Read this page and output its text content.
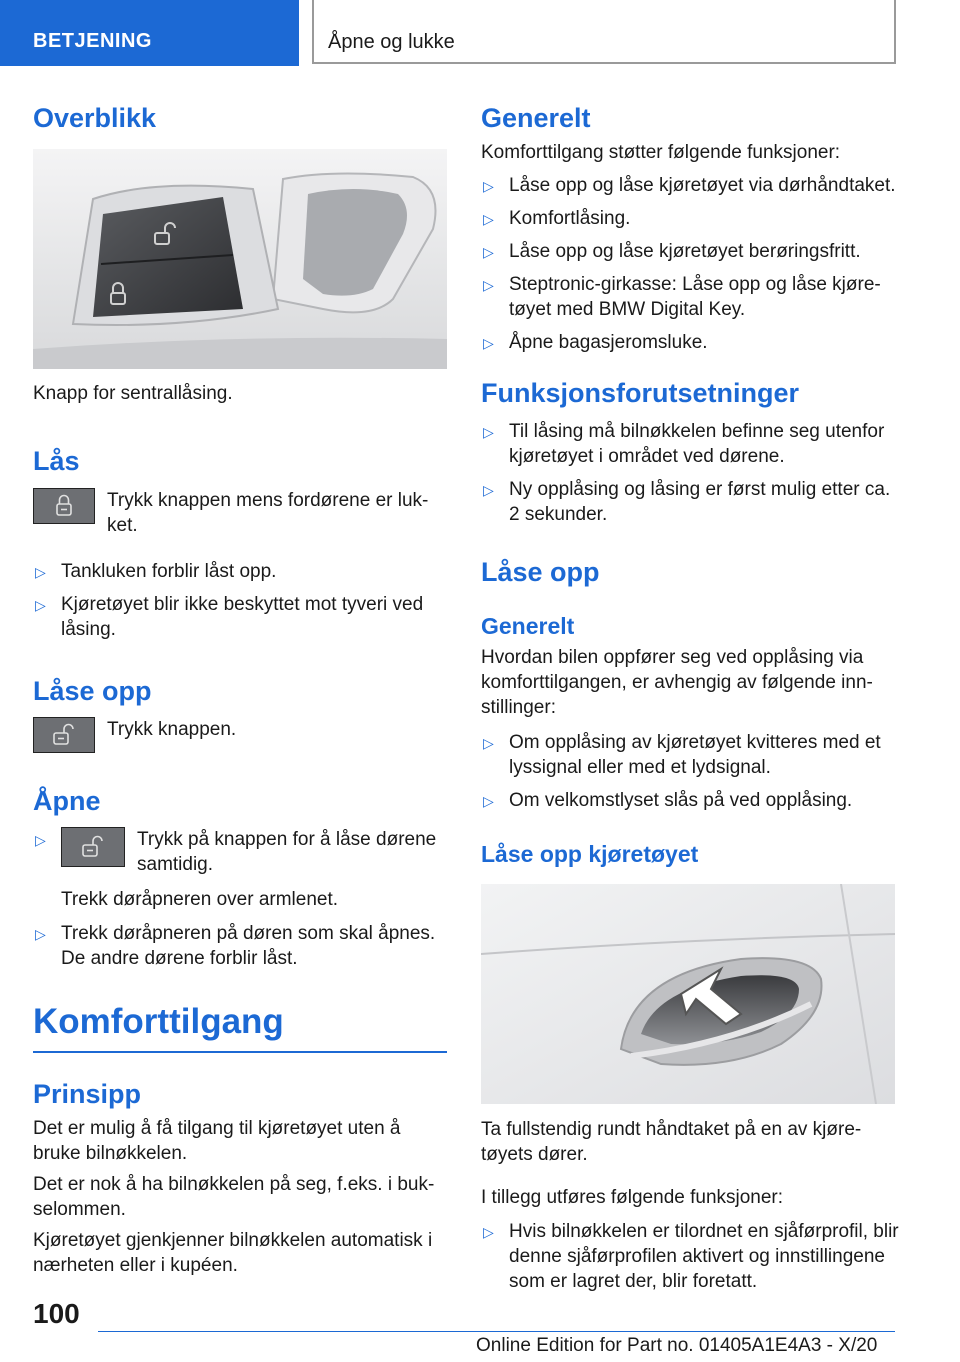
BETJENING	Åpne og lukke
Overblikk

Knapp for sentrallåsing.

Lås

Trykk knappen mens fordørene er luk-ket.

▷ Tankluken forblir låst opp.
▷ Kjøretøyet blir ikke beskyttet mot tyveri ved låsing.
Låse opp

Trykk knappen.

Åpne
▷	Trykk på knappen for å låse dørene samtidig.

Trekk døråpneren over armlenet.

▷ Trekk døråpneren på døren som skal åpnes. De andre dørene forblir låst.
Komforttilgang
Prinsipp

Det er mulig å få tilgang til kjøretøyet uten å bruke bilnøkkelen.

Det er nok å ha bilnøkkelen på seg, f.eks. i buk-selommen.

Kjøretøyet gjenkjenner bilnøkkelen automatisk i nærheten eller i kupéen.

Generelt

Komforttilgang støtter følgende funksjoner:

▷ Låse opp og låse kjøretøyet via dørhåndtaket.
▷ Komfortlåsing.
▷ Låse opp og låse kjøretøyet berøringsfritt.
▷ Steptronic-girkasse: Låse opp og låse kjøre-tøyet med BMW Digital Key.
▷ Åpne bagasjeromsluke.
Funksjonsforutsetninger
▷ Til låsing må bilnøkkelen befinne seg utenfor kjøretøyet i området ved dørene.
▷ Ny opplåsing og låsing er først mulig etter ca. 2 sekunder.
Låse opp
Generelt

Hvordan bilen oppfører seg ved opplåsing via komforttilgangen, er avhengig av følgende inn-stillinger:

▷ Om opplåsing av kjøretøyet kvitteres med et lyssignal eller med et lydsignal.
▷ Om velkomstlyset slås på ved opplåsing.
Låse opp kjøretøyet

Ta fullstendig rundt håndtaket på en av kjøre-tøyets dører.

I tillegg utføres følgende funksjoner:

▷ Hvis bilnøkkelen er tilordnet en sjåførprofil, blir denne sjåførprofilen aktivert og innstillingene som er lagret der, blir foretatt.
100
Online Edition for Part no. 01405A1E4A3 - X/20
